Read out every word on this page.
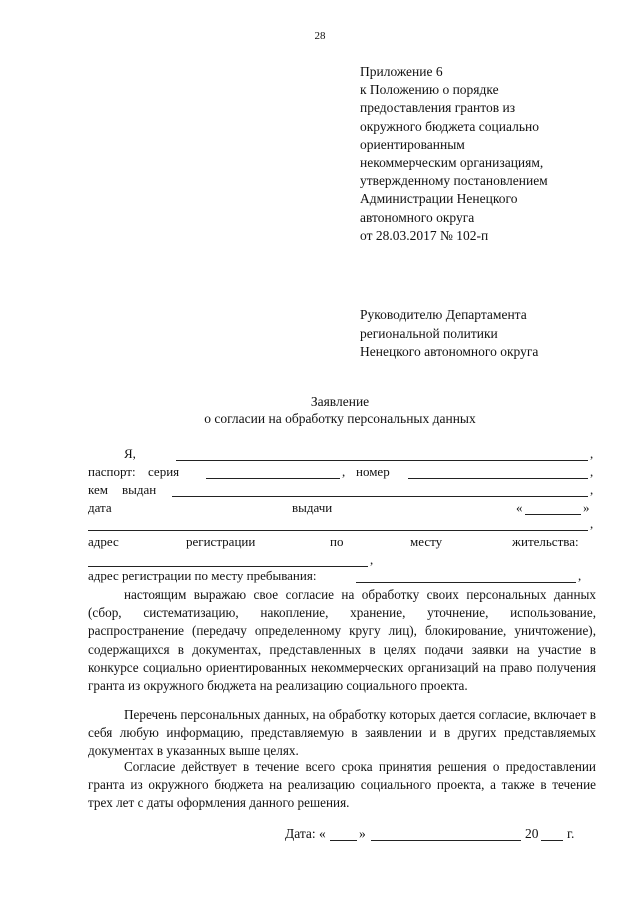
28
Приложение 6
к Положению о порядке
предоставления грантов из
окружного бюджета социально
ориентированным
некоммерческим организациям,
утвержденному постановлением
Администрации Ненецкого
автономного округа
от 28.03.2017 № 102-п
Руководителю Департамента
региональной политики
Ненецкого автономного округа
Заявление
о согласии на обработку персональных данных
Я,	,
паспорт: серия	, номер	,
кем выдан	,
дата	выдачи	«	»
,
адрес	регистрации	по	месту	жительства:
,
адрес регистрации по месту пребывания:	,
настоящим выражаю свое согласие на обработку своих персональных данных (сбор, систематизацию, накопление, хранение, уточнение, использование, распространение (передачу определенному кругу лиц), блокирование, уничтожение), содержащихся в документах, представленных в целях подачи заявки на участие в конкурсе социально ориентированных некоммерческих организаций на право получения гранта из окружного бюджета на реализацию социального проекта.
Перечень персональных данных, на обработку которых дается согласие, включает в себя любую информацию, представляемую в заявлении и в других представляемых документах в указанных выше целях.
Согласие действует в течение всего срока принятия решения о предоставлении гранта из окружного бюджета на реализацию социального проекта, а также в течение трех лет с даты оформления данного решения.
Дата: « »	20 г.
